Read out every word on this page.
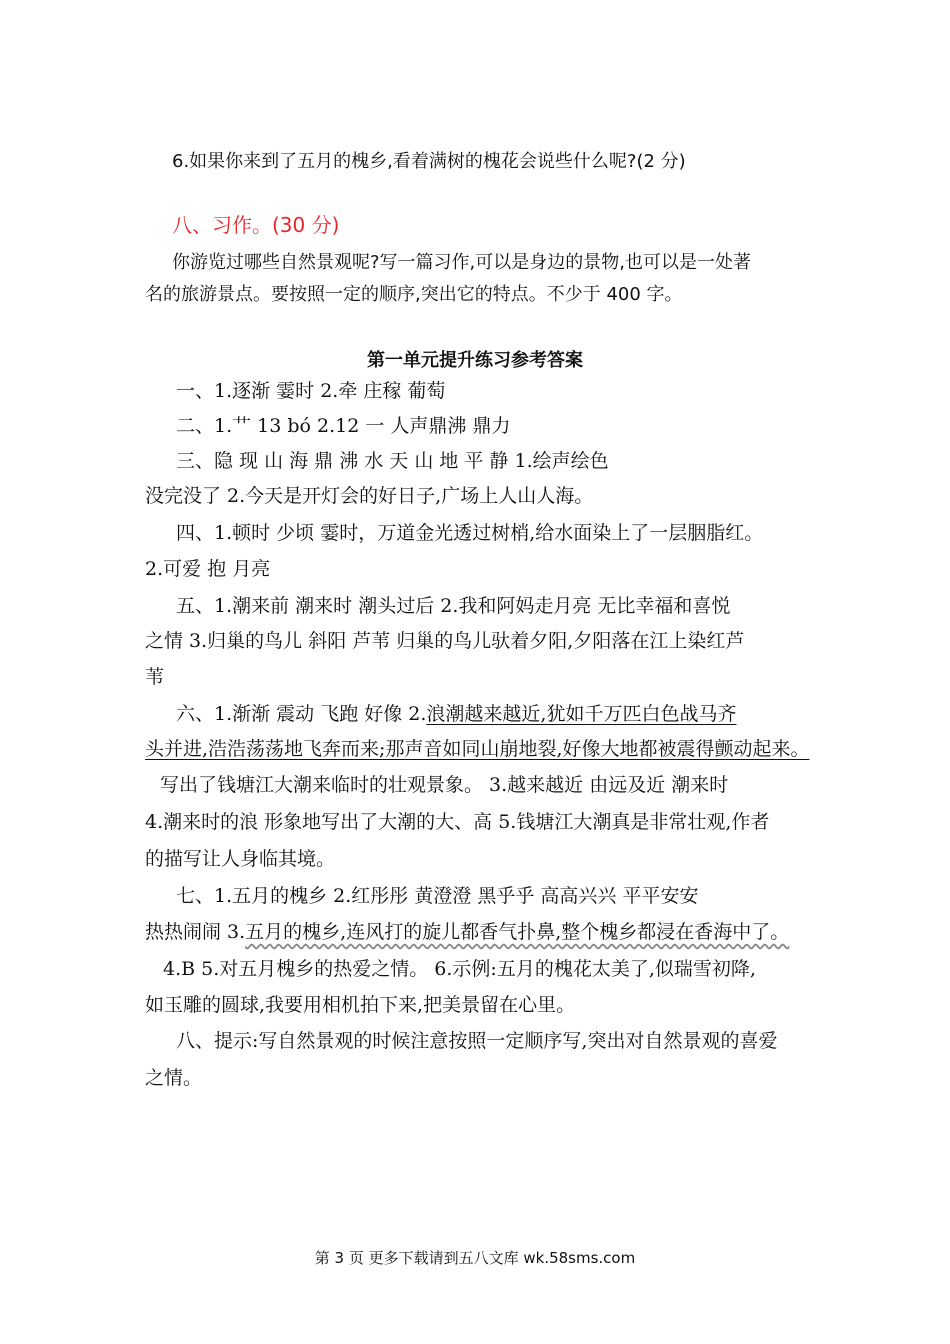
6.如果你来到了五月的槐乡,看着满树的槐花会说些什么呢?(2 分)
八、习作。(30 分)
你游览过哪些自然景观呢?写一篇习作,可以是身边的景物,也可以是一处著
名的旅游景点。要按照一定的顺序,突出它的特点。不少于 400 字。
第一单元提升练习参考答案
一、1.逐渐 霎时 2.牵 庄稼 葡萄
二、1.艹 13 bó 2.12 一 人声鼎沸 鼎力
三、隐 现 山 海 鼎 沸 水 天 山 地 平 静 1.绘声绘色
没完没了 2.今天是开灯会的好日子,广场上人山人海。
四、1.顿时 少顷 霎时，万道金光透过树梢,给水面染上了一层胭脂红。
2.可爱 抱 月亮
五、1.潮来前 潮来时 潮头过后 2.我和阿妈走月亮 无比幸福和喜悦
之情 3.归巢的鸟儿 斜阳 芦苇 归巢的鸟儿驮着夕阳,夕阳落在江上染红芦
苇
六、1.渐渐 震动 飞跑 好像 2.浪潮越来越近,犹如千万匹白色战马齐
头并进,浩浩荡荡地飞奔而来;那声音如同山崩地裂,好像大地都被震得颤动起来。
写出了钱塘江大潮来临时的壮观景象。 3.越来越近 由远及近 潮来时
4.潮来时的浪 形象地写出了大潮的大、高 5.钱塘江大潮真是非常壮观,作者
的描写让人身临其境。
七、1.五月的槐乡 2.红彤彤 黄澄澄 黑乎乎 高高兴兴 平平安安
热热闹闹 3.五月的槐乡,连风打的旋儿都香气扑鼻,整个槐乡都浸在香海中了。
4.B 5.对五月槐乡的热爱之情。 6.示例:五月的槐花太美了,似瑞雪初降,
如玉雕的圆球,我要用相机拍下来,把美景留在心里。
八、提示:写自然景观的时候注意按照一定顺序写,突出对自然景观的喜爱
之情。
第 3 页 更多下载请到五八文库 wk.58sms.com
